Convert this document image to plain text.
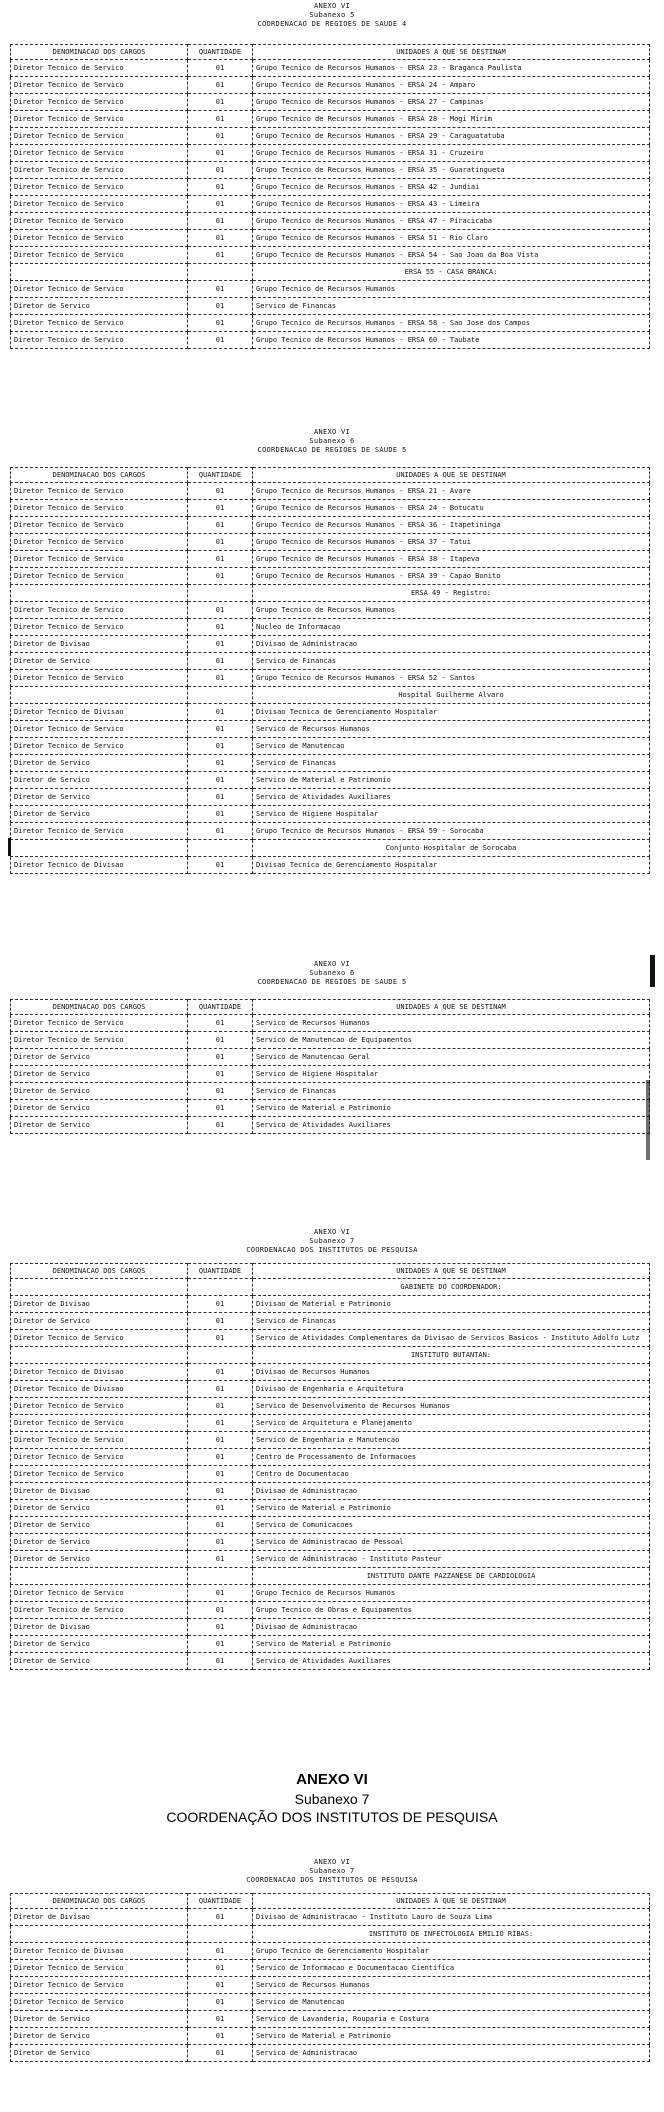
ANEXO VI
Subanexo 5
COORDENACAO DE REGIOES DE SAUDE 4
DENOMINACAO DOS CARGOS	QUANTIDADE	UNIDADES A QUE SE DESTINAM
Diretor Tecnico de Servico	01	Grupo Tecnico de Recursos Humanos - ERSA 23 - Braganca Paulista
Diretor Tecnico de Servico	01	Grupo Tecnico de Recursos Humanos - ERSA 24 - Amparo
Diretor Tecnico de Servico	01	Grupo Tecnico de Recursos Humanos - ERSA 27 - Campinas
Diretor Tecnico de Servico	01	Grupo Tecnico de Recursos Humanos - ERSA 28 - Mogi Mirim
Diretor Tecnico de Servico	01	Grupo Tecnico de Recursos Humanos - ERSA 29 - Caraguatatuba
Diretor Tecnico de Servico	01	Grupo Tecnico de Recursos Humanos - ERSA 31 - Cruzeiro
Diretor Tecnico de Servico	01	Grupo Tecnico de Recursos Humanos - ERSA 35 - Guaratingueta
Diretor Tecnico de Servico	01	Grupo Tecnico de Recursos Humanos - ERSA 42 - Jundiai
Diretor Tecnico de Servico	01	Grupo Tecnico de Recursos Humanos - ERSA 43 - Limeira
Diretor Tecnico de Servico	01	Grupo Tecnico de Recursos Humanos - ERSA 47 - Piracicaba
Diretor Tecnico de Servico	01	Grupo Tecnico de Recursos Humanos - ERSA 51 - Rio Claro
Diretor Tecnico de Servico	01	Grupo Tecnico de Recursos Humanos - ERSA 54 - Sao Joao da Boa Vista
		ERSA 55 - CASA BRANCA:
Diretor Tecnico de Servico	01	Grupo Tecnico de Recursos Humanos
Diretor de Servico	01	Servico de Financas
Diretor Tecnico de Servico	01	Grupo Tecnico de Recursos Humanos - ERSA 58 - Sao Jose dos Campos
Diretor Tecnico de Servico	01	Grupo Tecnico de Recursos Humanos - ERSA 60 - Taubate
ANEXO VI
Subanexo 6
COORDENACAO DE REGIOES DE SAUDE 5
DENOMINACAO DOS CARGOS	QUANTIDADE	UNIDADES A QUE SE DESTINAM
Diretor Tecnico de Servico	01	Grupo Tecnico de Recursos Humanos - ERSA 21 - Avare
Diretor Tecnico de Servico	01	Grupo Tecnico de Recursos Humanos - ERSA 24 - Botucatu
Diretor Tecnico de Servico	01	Grupo Tecnico de Recursos Humanos - ERSA 36 - Itapetininga
Diretor Tecnico de Servico	01	Grupo Tecnico de Recursos Humanos - ERSA 37 - Tatui
Diretor Tecnico de Servico	01	Grupo Tecnico de Recursos Humanos - ERSA 38 - Itapeva
Diretor Tecnico de Servico	01	Grupo Tecnico de Recursos Humanos - ERSA 39 - Capao Bonito
		ERSA 49 - Registro:
Diretor Tecnico de Servico	01	Grupo Tecnico de Recursos Humanos
Diretor Tecnico de Servico	01	Nucleo de Informacao
Diretor de Divisao	01	Divisao de Administracao
Diretor de Servico	01	Servico de Financas
Diretor Tecnico de Servico	01	Grupo Tecnico de Recursos Humanos - ERSA 52 - Santos
		Hospital Guilherme Alvaro
Diretor Tecnico de Divisao	01	Divisao Tecnica de Gerenciamento Hospitalar
Diretor Tecnico de Servico	01	Servico de Recursos Humanos
Diretor Tecnico de Servico	01	Servico de Manutencao
Diretor de Servico	01	Servico de Financas
Diretor de Servico	01	Servico de Material e Patrimonio
Diretor de Servico	01	Servico de Atividades Auxiliares
Diretor de Servico	01	Servico de Higiene Hospitalar
Diretor Tecnico de Servico	01	Grupo Tecnico de Recursos Humanos - ERSA 59 - Sorocaba
		Conjunto Hospitalar de Sorocaba
Diretor Tecnico de Divisao	01	Divisao Tecnica de Gerenciamento Hospitalar
ANEXO VI
Subanexo 6
COORDENACAO DE REGIOES DE SAUDE 5
DENOMINACAO DOS CARGOS	QUANTIDADE	UNIDADES A QUE SE DESTINAM
Diretor Tecnico de Servico	01	Servico de Recursos Humanos
Diretor Tecnico de Servico	01	Servico de Manutencao de Equipamentos
Diretor de Servico	01	Servico de Manutencao Geral
Diretor de Servico	01	Servico de Higiene Hospitalar
Diretor de Servico	01	Servico de Financas
Diretor de Servico	01	Servico de Material e Patrimonio
Diretor de Servico	01	Servico de Atividades Auxiliares
ANEXO VI
Subanexo 7
COORDENACAO DOS INSTITUTOS DE PESQUISA
DENOMINACAO DOS CARGOS	QUANTIDADE	UNIDADES A QUE SE DESTINAM
		GABINETE DO COORDENADOR:
Diretor de Divisao	01	Divisao de Material e Patrimonio
Diretor de Servico	01	Servico de Financas
Diretor Tecnico de Servico	01	Servico de Atividades Complementares da Divisao de Servicos Basicos - Instituto Adolfo Lutz
		INSTITUTO BUTANTAN:
Diretor Tecnico de Divisao	01	Divisao de Recursos Humanos
Diretor Tecnico de Divisao	01	Divisao de Engenharia e Arquitetura
Diretor Tecnico de Servico	01	Servico de Desenvolvimento de Recursos Humanos
Diretor Tecnico de Servico	01	Servico de Arquitetura e Planejamento
Diretor Tecnico de Servico	01	Servico de Engenharia e Manutencao
Diretor Tecnico de Servico	01	Centro de Processamento de Informacoes
Diretor Tecnico de Servico	01	Centro de Documentacao
Diretor de Divisao	01	Divisao de Administracao
Diretor de Servico	01	Servico de Material e Patrimonio
Diretor de Servico	01	Servico de Comunicacoes
Diretor de Servico	01	Servico de Administracao de Pessoal
Diretor de Servico	01	Servico de Administracao - Instituto Pasteur
		INSTITUTO DANTE PAZZANESE DE CARDIOLOGIA
Diretor Tecnico de Servico	01	Grupo Tecnico de Recursos Humanos
Diretor Tecnico de Servico	01	Grupo Tecnico de Obras e Equipamentos
Diretor de Divisao	01	Divisao de Administracao
Diretor de Servico	01	Servico de Material e Patrimonio
Diretor de Servico	01	Servico de Atividades Auxiliares
ANEXO VI
Subanexo 7
COORDENAÇÃO DOS INSTITUTOS DE PESQUISA
ANEXO VI
Subanexo 7
COORDENACAO DOS INSTITUTOS DE PESQUISA
DENOMINACAO DOS CARGOS	QUANTIDADE	UNIDADES A QUE SE DESTINAM
Diretor de Divisao	01	Divisao de Administracao - Instituto Lauro de Souza Lima
		INSTITUTO DE INFECTOLOGIA EMILIO RIBAS:
Diretor Tecnico de Divisao	01	Grupo Tecnico de Gerenciamento Hospitalar
Diretor Tecnico de Servico	01	Servico de Informacao e Documentacao Cientifica
Diretor Tecnico de Servico	01	Servico de Recursos Humanos
Diretor Tecnico de Servico	01	Servico de Manutencao
Diretor de Servico	01	Servico de Lavanderia, Rouparia e Costura
Diretor de Servico	01	Servico de Material e Patrimonio
Diretor de Servico	01	Servico de Administracao
